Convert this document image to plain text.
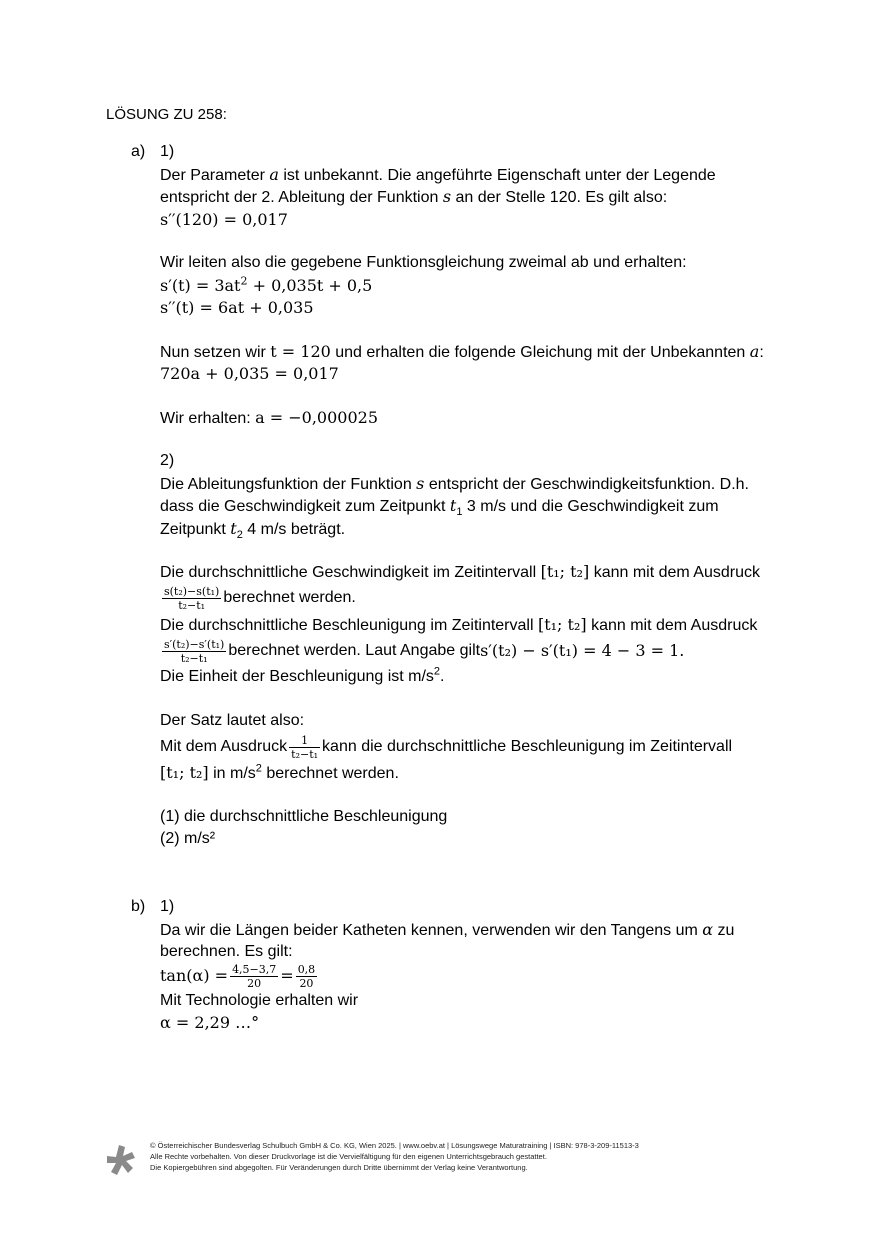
LÖSUNG ZU 258:
a) 1)
Der Parameter a ist unbekannt. Die angeführte Eigenschaft unter der Legende
entspricht der 2. Ableitung der Funktion s an der Stelle 120. Es gilt also:
s′′(120) = 0,017
Wir leiten also die gegebene Funktionsgleichung zweimal ab und erhalten:
$s'(t) = 3at^2 + 0,035t + 0,5$
s′′(t) = 6at + 0,035
Nun setzen wir t = 120 und erhalten die folgende Gleichung mit der Unbekannten a:
720a + 0,035 = 0,017
Wir erhalten: a = −0,000025
2)
Die Ableitungsfunktion der Funktion s entspricht der Geschwindigkeitsfunktion. D.h.
dass die Geschwindigkeit zum Zeitpunkt $t_1$ 3 m/s und die Geschwindigkeit zum
Zeitpunkt $t_2$ 4 m/s beträgt.
Die durchschnittliche Geschwindigkeit im Zeitintervall [t₁; t₂] kann mit dem Ausdruck
$\frac{\text{s(t₂)−s(t₁)}}{\text{t₂−t₁}}$ berechnet werden.
Die durchschnittliche Beschleunigung im Zeitintervall [t₁; t₂] kann mit dem Ausdruck
$\frac{\text{s′(t₂)−s′(t₁)}}{\text{t₂−t₁}}$ berechnet werden. Laut Angabe gilt s′(t₂) − s′(t₁) = 4 − 3 = 1.
Die Einheit der Beschleunigung ist $m/s^2$.
Der Satz lautet also:
Mit dem Ausdruck $\frac{1}{\text{t₂−t₁}}$ kann die durchschnittliche Beschleunigung im Zeitintervall
[t₁; t₂] in $m/s^2$ berechnet werden.
(1) die durchschnittliche Beschleunigung
(2) m/s²
b) 1)
Da wir die Längen beider Katheten kennen, verwenden wir den Tangens um α zu
berechnen. Es gilt:
$\tan(\alpha) = \frac{4,5-3,7}{20} = \frac{0,8}{20}$
Mit Technologie erhalten wir
α = 2,29 …°
© Österreichischer Bundesverlag Schulbuch GmbH & Co. KG, Wien 2025. | www.oebv.at | Lösungswege Maturatraining | ISBN: 978-3-209-11513-3
Alle Rechte vorbehalten. Von dieser Druckvorlage ist die Vervielfältigung für den eigenen Unterrichtsgebrauch gestattet.
Die Kopiergebühren sind abgegolten. Für Veränderungen durch Dritte übernimmt der Verlag keine Verantwortung.
